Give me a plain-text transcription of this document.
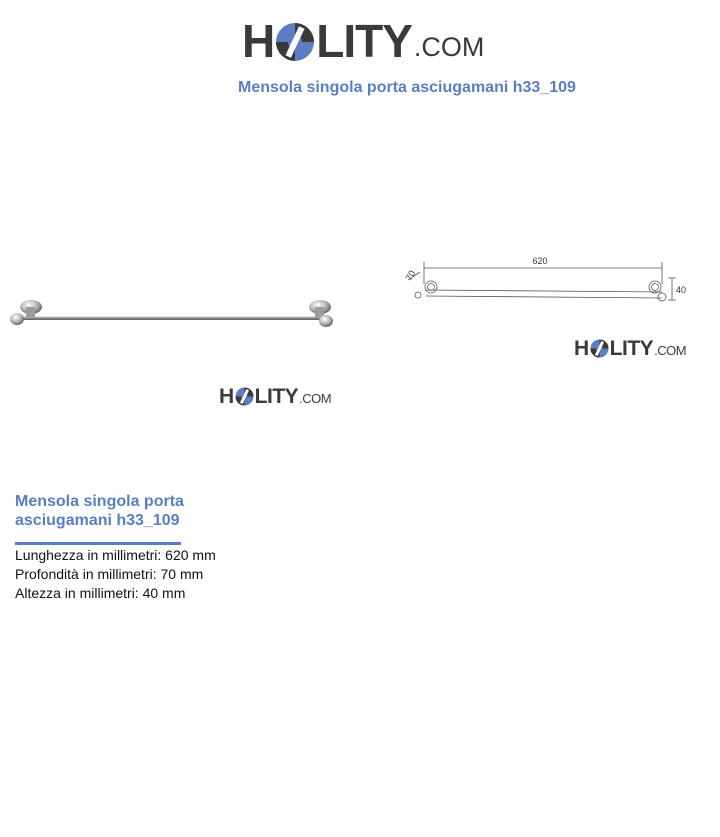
H LITY .COM
Mensola singola porta asciugamani h33_109
H LITY .COM
620
70
40
H LITY .COM
Mensola singola porta
asciugamani h33_109
Lunghezza in millimetri: 620 mm
Profondità in millimetri: 70 mm
Altezza in millimetri: 40 mm
